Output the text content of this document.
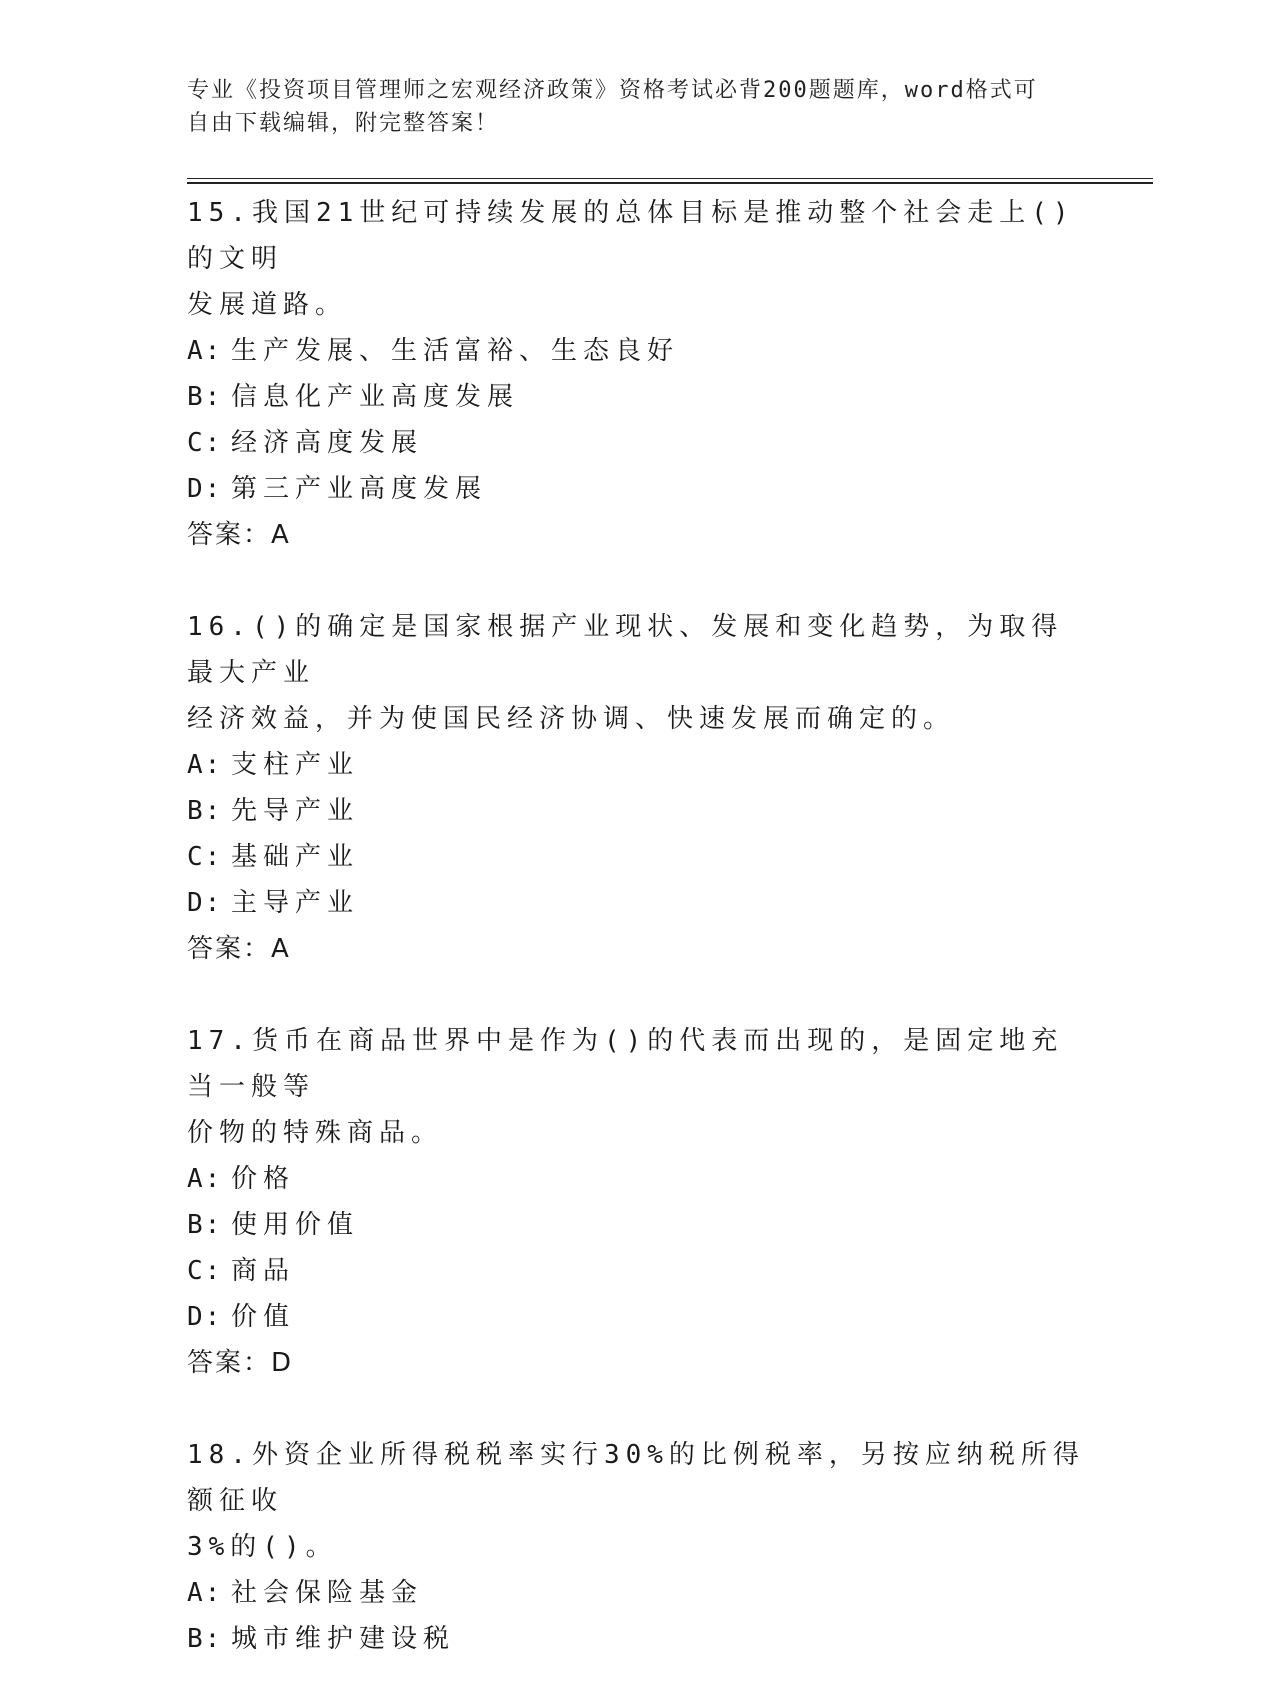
专业《投资项目管理师之宏观经济政策》资格考试必背200题题库，word格式可
自由下载编辑，附完整答案！

15.我国21世纪可持续发展的总体目标是推动整个社会走上()的文明

发展道路。

A: 生产发展、生活富裕、生态良好
B: 信息化产业高度发展
C: 经济高度发展
D: 第三产业高度发展

答案：A

16.()的确定是国家根据产业现状、发展和变化趋势，为取得最大产业

经济效益，并为使国民经济协调、快速发展而确定的。

A: 支柱产业
B: 先导产业
C: 基础产业
D: 主导产业

答案：A

17.货币在商品世界中是作为()的代表而出现的，是固定地充当一般等

价物的特殊商品。

A: 价格
B: 使用价值
C: 商品
D: 价值

答案：D

18.外资企业所得税税率实行30%的比例税率，另按应纳税所得额征收

3%的()。

A: 社会保险基金
B: 城市维护建设税
